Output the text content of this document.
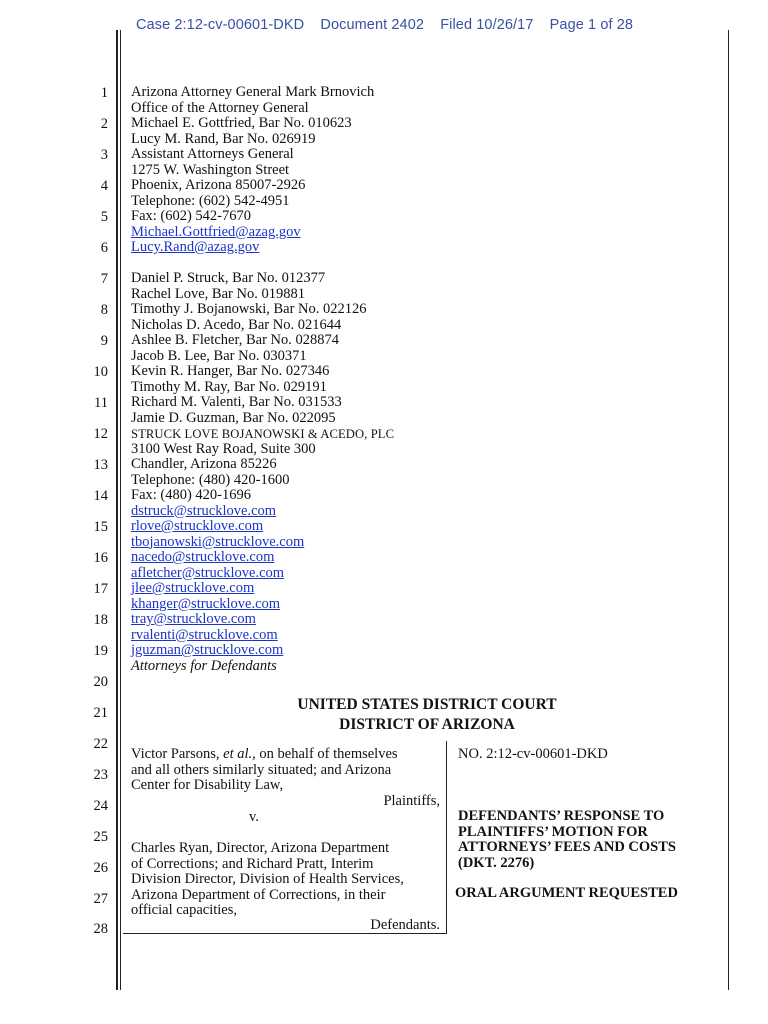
Case 2:12-cv-00601-DKD Document 2402 Filed 10/26/17 Page 1 of 28
1
2
3
4
5
6
7
8
9
10
11
12
13
14
15
16
17
18
19
20
21
22
23
24
25
26
27
28
Arizona Attorney General Mark Brnovich
Office of the Attorney General
Michael E. Gottfried, Bar No. 010623
Lucy M. Rand, Bar No. 026919
Assistant Attorneys General
1275 W. Washington Street
Phoenix, Arizona 85007-2926
Telephone: (602) 542-4951
Fax: (602) 542-7670
Michael.Gottfried@azag.gov
Lucy.Rand@azag.gov
Daniel P. Struck, Bar No. 012377
Rachel Love, Bar No. 019881
Timothy J. Bojanowski, Bar No. 022126
Nicholas D. Acedo, Bar No. 021644
Ashlee B. Fletcher, Bar No. 028874
Jacob B. Lee, Bar No. 030371
Kevin R. Hanger, Bar No. 027346
Timothy M. Ray, Bar No. 029191
Richard M. Valenti, Bar No. 031533
Jamie D. Guzman, Bar No. 022095
STRUCK LOVE BOJANOWSKI & ACEDO, PLC
3100 West Ray Road, Suite 300
Chandler, Arizona 85226
Telephone: (480) 420-1600
Fax: (480) 420-1696
dstruck@strucklove.com
rlove@strucklove.com
tbojanowski@strucklove.com
nacedo@strucklove.com
afletcher@strucklove.com
jlee@strucklove.com
khanger@strucklove.com
tray@strucklove.com
rvalenti@strucklove.com
jguzman@strucklove.com
Attorneys for Defendants
UNITED STATES DISTRICT COURT
DISTRICT OF ARIZONA
Victor Parsons, et al., on behalf of themselves
and all others similarly situated; and Arizona
Center for Disability Law,
Plaintiffs,
v.
Charles Ryan, Director, Arizona Department
of Corrections; and Richard Pratt, Interim
Division Director, Division of Health Services,
Arizona Department of Corrections, in their
official capacities,
Defendants.
NO. 2:12-cv-00601-DKD
DEFENDANTS’ RESPONSE TO
PLAINTIFFS’ MOTION FOR
ATTORNEYS’ FEES AND COSTS
(DKT. 2276)
ORAL ARGUMENT REQUESTED
